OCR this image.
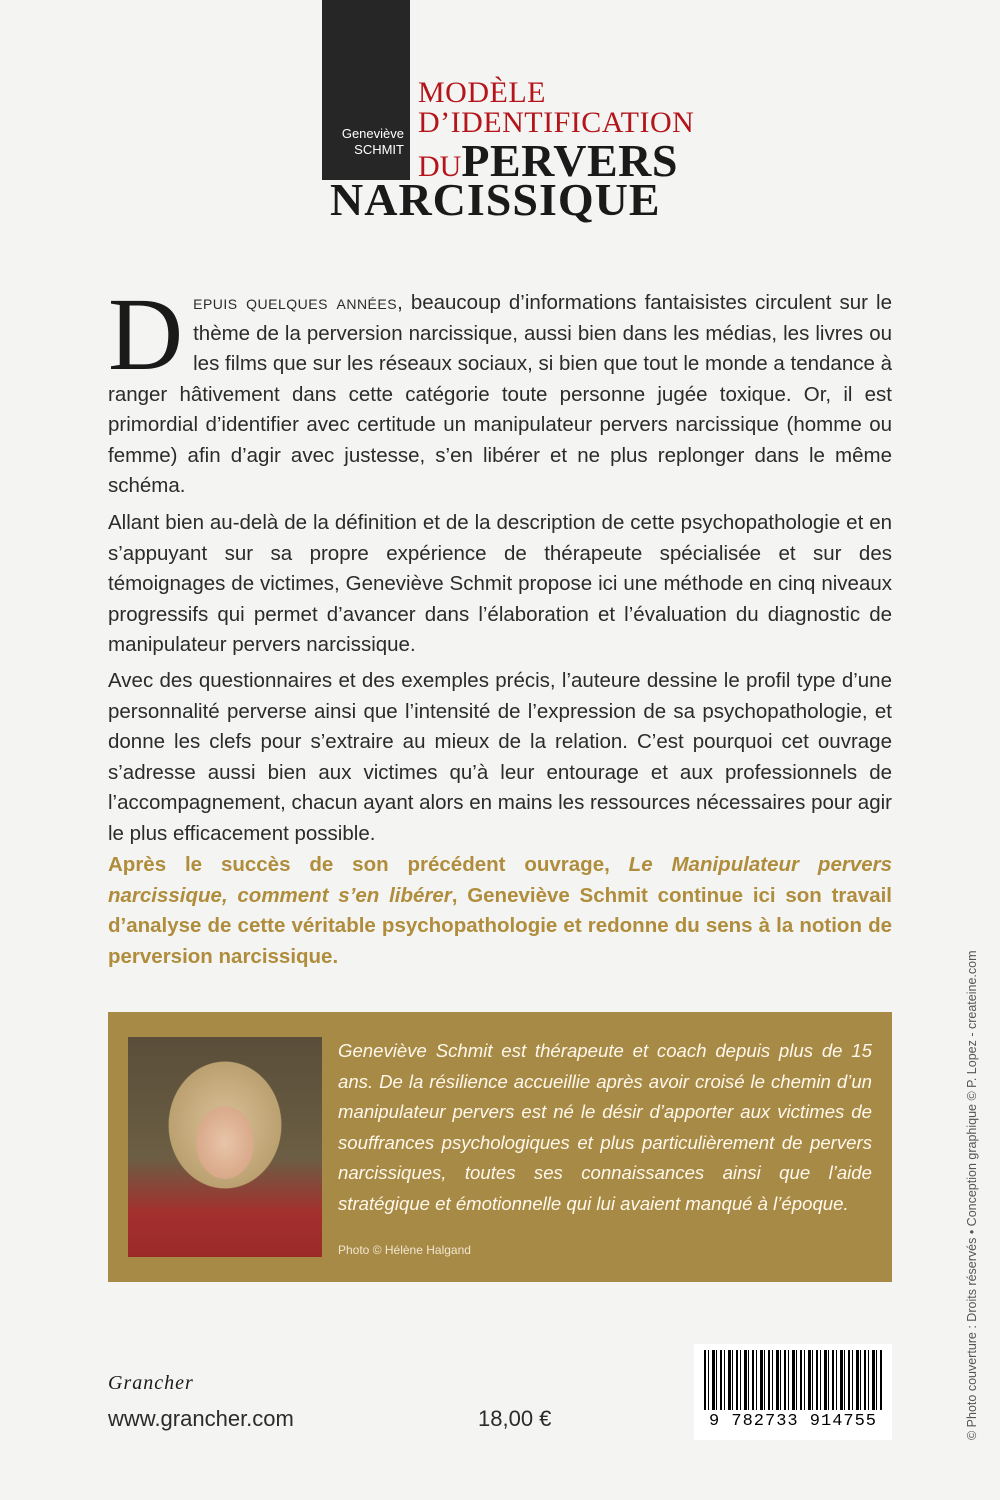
Geneviève
SCHMIT
MODÈLE
D’IDENTIFICATION
DUPERVERS
NARCISSIQUE
Depuis quelques années, beaucoup d’informations fantaisistes circulent sur le thème de la perversion narcissique, aussi bien dans les médias, les livres ou les films que sur les réseaux sociaux, si bien que tout le monde a tendance à ranger hâtivement dans cette catégorie toute personne jugée toxique. Or, il est primordial d’identifier avec certitude un manipulateur pervers narcissique (homme ou femme) afin d’agir avec justesse, s’en libérer et ne plus replonger dans le même schéma.
Allant bien au-delà de la définition et de la description de cette psychopathologie et en s’appuyant sur sa propre expérience de thérapeute spécialisée et sur des témoignages de victimes, Geneviève Schmit propose ici une méthode en cinq niveaux progressifs qui permet d’avancer dans l’élaboration et l’évaluation du diagnostic de manipulateur pervers narcissique.
Avec des questionnaires et des exemples précis, l’auteure dessine le profil type d’une personnalité perverse ainsi que l’intensité de l’expression de sa psychopathologie, et donne les clefs pour s’extraire au mieux de la relation. C’est pourquoi cet ouvrage s’adresse aussi bien aux victimes qu’à leur entourage et aux professionnels de l’accompagnement, chacun ayant alors en mains les ressources nécessaires pour agir le plus efficacement possible.
Après le succès de son précédent ouvrage, Le Manipulateur pervers narcissique, comment s’en libérer, Geneviève Schmit continue ici son travail d’analyse de cette véritable psychopathologie et redonne du sens à la notion de perversion narcissique.
Geneviève Schmit est thérapeute et coach depuis plus de 15 ans. De la résilience accueillie après avoir croisé le chemin d’un manipulateur pervers est né le désir d’apporter aux victimes de souffrances psychologiques et plus particulièrement de pervers narcissiques, toutes ses connaissances ainsi que l’aide stratégique et émotionnelle qui lui avaient manqué à l’époque.
Photo © Hélène Halgand
Grancher
www.grancher.com	18,00 €	9 782733 914755	© Photo couverture : Droits réservés • Conception graphique © P. Lopez - createine.com
